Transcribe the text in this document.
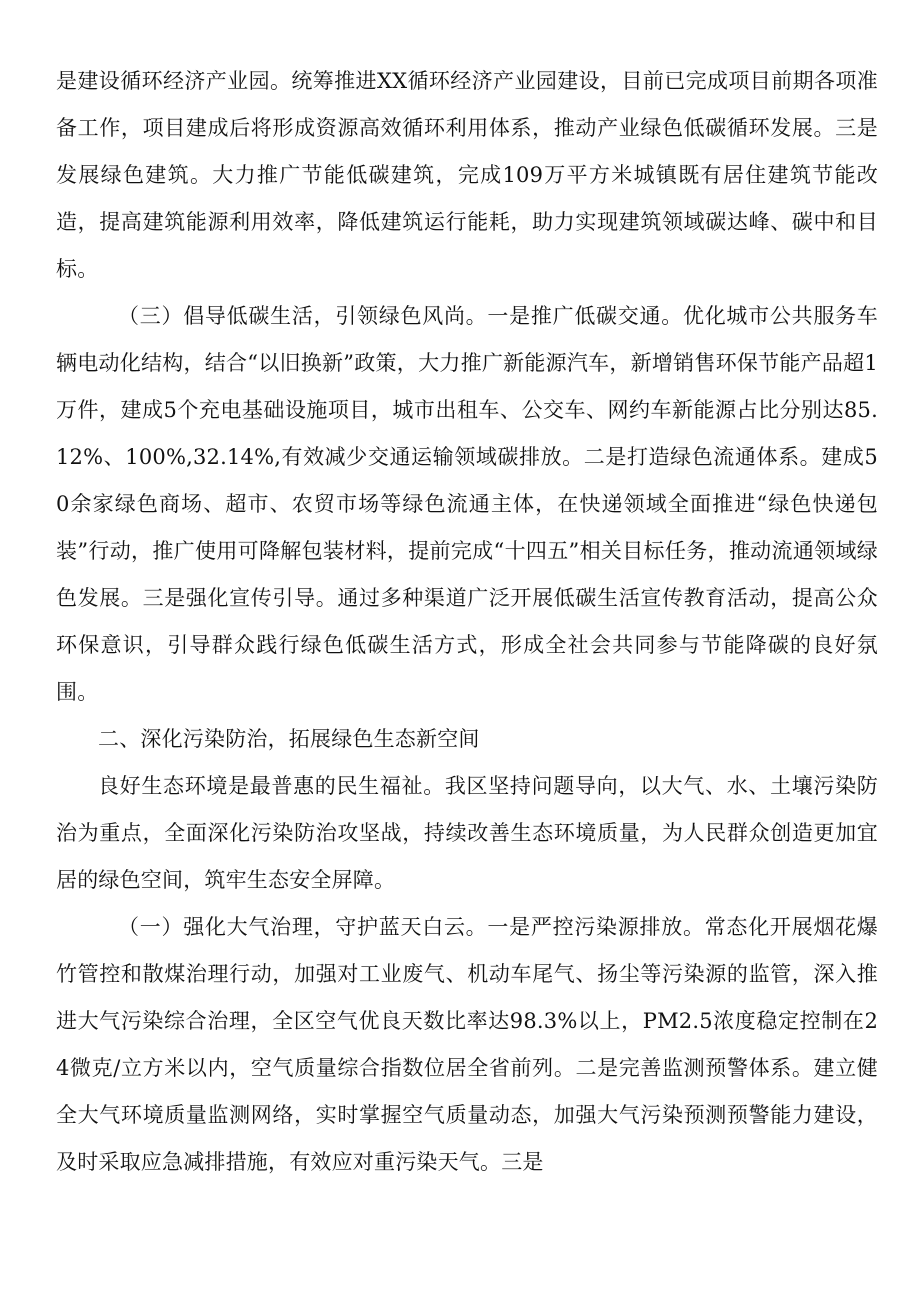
是建设循环经济产业园。统筹推进XX循环经济产业园建设，目前已完成项目前期各项准备工作，项目建成后将形成资源高效循环利用体系，推动产业绿色低碳循环发展。三是发展绿色建筑。大力推广节能低碳建筑，完成109万平方米城镇既有居住建筑节能改造，提高建筑能源利用效率，降低建筑运行能耗，助力实现建筑领域碳达峰、碳中和目标。

（三）倡导低碳生活，引领绿色风尚。一是推广低碳交通。优化城市公共服务车辆电动化结构，结合“以旧换新”政策，大力推广新能源汽车，新增销售环保节能产品超1万件，建成5个充电基础设施项目，城市出租车、公交车、网约车新能源占比分别达85.12%、100%,32.14%,有效减少交通运输领域碳排放。二是打造绿色流通体系。建成50余家绿色商场、超市、农贸市场等绿色流通主体，在快递领域全面推进“绿色快递包装”行动，推广使用可降解包装材料，提前完成“十四五”相关目标任务，推动流通领域绿色发展。三是强化宣传引导。通过多种渠道广泛开展低碳生活宣传教育活动，提高公众环保意识，引导群众践行绿色低碳生活方式，形成全社会共同参与节能降碳的良好氛围。

二、深化污染防治，拓展绿色生态新空间

良好生态环境是最普惠的民生福祉。我区坚持问题导向，以大气、水、土壤污染防治为重点，全面深化污染防治攻坚战，持续改善生态环境质量，为人民群众创造更加宜居的绿色空间，筑牢生态安全屏障。

（一）强化大气治理，守护蓝天白云。一是严控污染源排放。常态化开展烟花爆竹管控和散煤治理行动，加强对工业废气、机动车尾气、扬尘等污染源的监管，深入推进大气污染综合治理，全区空气优良天数比率达98.3%以上，PM2.5浓度稳定控制在24微克/立方米以内，空气质量综合指数位居全省前列。二是完善监测预警体系。建立健全大气环境质量监测网络，实时掌握空气质量动态，加强大气污染预测预警能力建设，及时采取应急减排措施，有效应对重污染天气。三是
